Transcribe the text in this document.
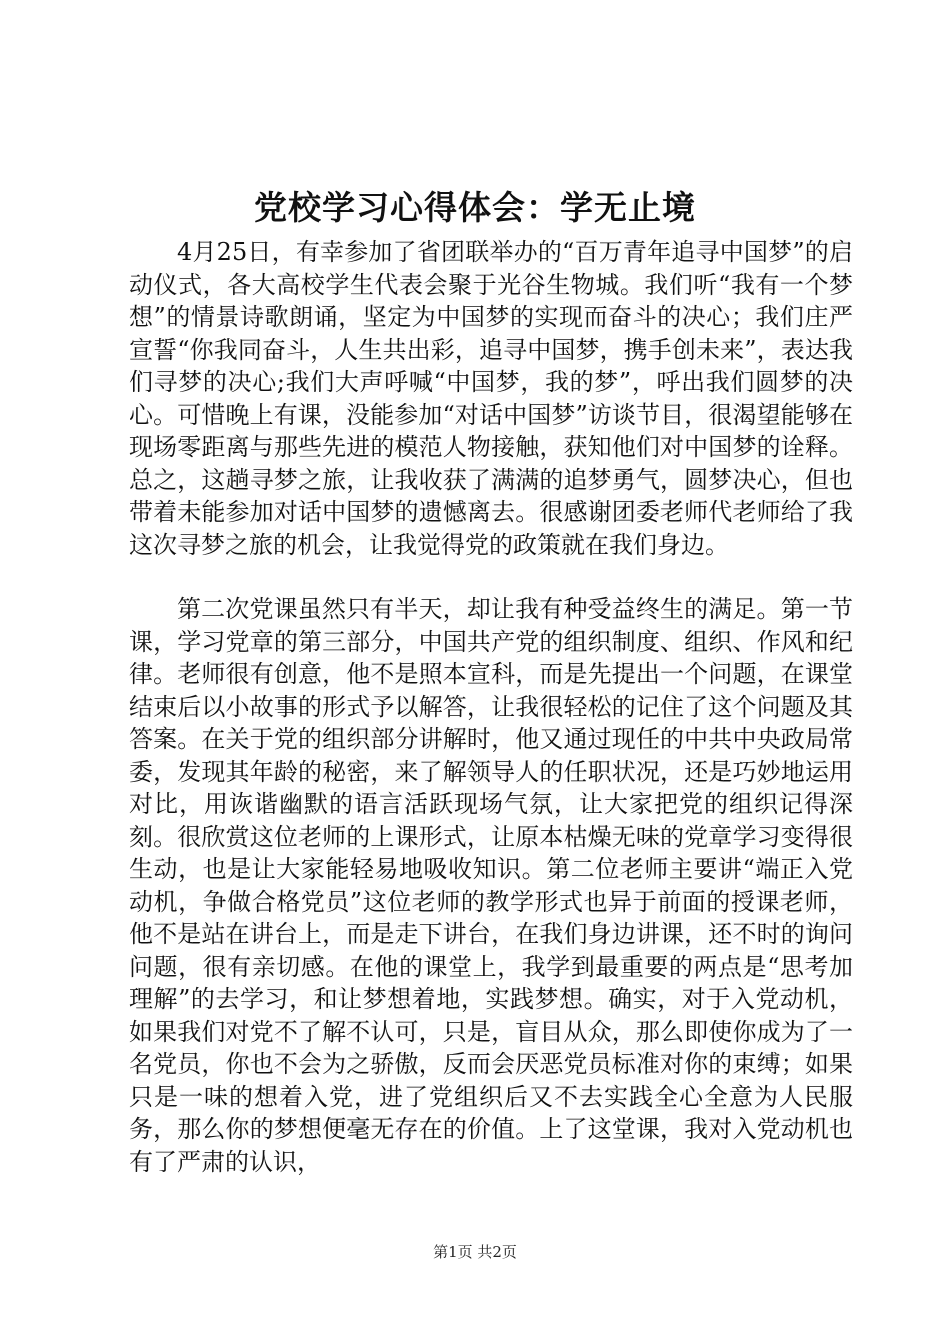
党校学习心得体会：学无止境

4月25日，有幸参加了省团联举办的“百万青年追寻中国梦”的启动仪式，各大高校学生代表会聚于光谷生物城。我们听“我有一个梦想”的情景诗歌朗诵，坚定为中国梦的实现而奋斗的决心；我们庄严宣誓“你我同奋斗，人生共出彩，追寻中国梦，携手创未来”，表达我们寻梦的决心;我们大声呼喊“中国梦，我的梦”，呼出我们圆梦的决心。可惜晚上有课，没能参加“对话中国梦”访谈节目，很渴望能够在现场零距离与那些先进的模范人物接触，获知他们对中国梦的诠释。总之，这趟寻梦之旅，让我收获了满满的追梦勇气，圆梦决心，但也带着未能参加对话中国梦的遗憾离去。很感谢团委老师代老师给了我这次寻梦之旅的机会，让我觉得党的政策就在我们身边。

第二次党课虽然只有半天，却让我有种受益终生的满足。第一节课，学习党章的第三部分，中国共产党的组织制度、组织、作风和纪律。老师很有创意，他不是照本宣科，而是先提出一个问题，在课堂结束后以小故事的形式予以解答，让我很轻松的记住了这个问题及其答案。在关于党的组织部分讲解时，他又通过现任的中共中央政局常委，发现其年龄的秘密，来了解领导人的任职状况，还是巧妙地运用对比，用诙谐幽默的语言活跃现场气氛，让大家把党的组织记得深刻。很欣赏这位老师的上课形式，让原本枯燥无味的党章学习变得很生动，也是让大家能轻易地吸收知识。第二位老师主要讲“端正入党动机，争做合格党员”这位老师的教学形式也异于前面的授课老师，他不是站在讲台上，而是走下讲台，在我们身边讲课，还不时的询问问题，很有亲切感。在他的课堂上，我学到最重要的两点是“思考加理解”的去学习，和让梦想着地，实践梦想。确实，对于入党动机，如果我们对党不了解不认可，只是，盲目从众，那么即使你成为了一名党员，你也不会为之骄傲，反而会厌恶党员标准对你的束缚；如果只是一味的想着入党，进了党组织后又不去实践全心全意为人民服务，那么你的梦想便毫无存在的价值。上了这堂课，我对入党动机也有了严肃的认识，

第1页 共2页
